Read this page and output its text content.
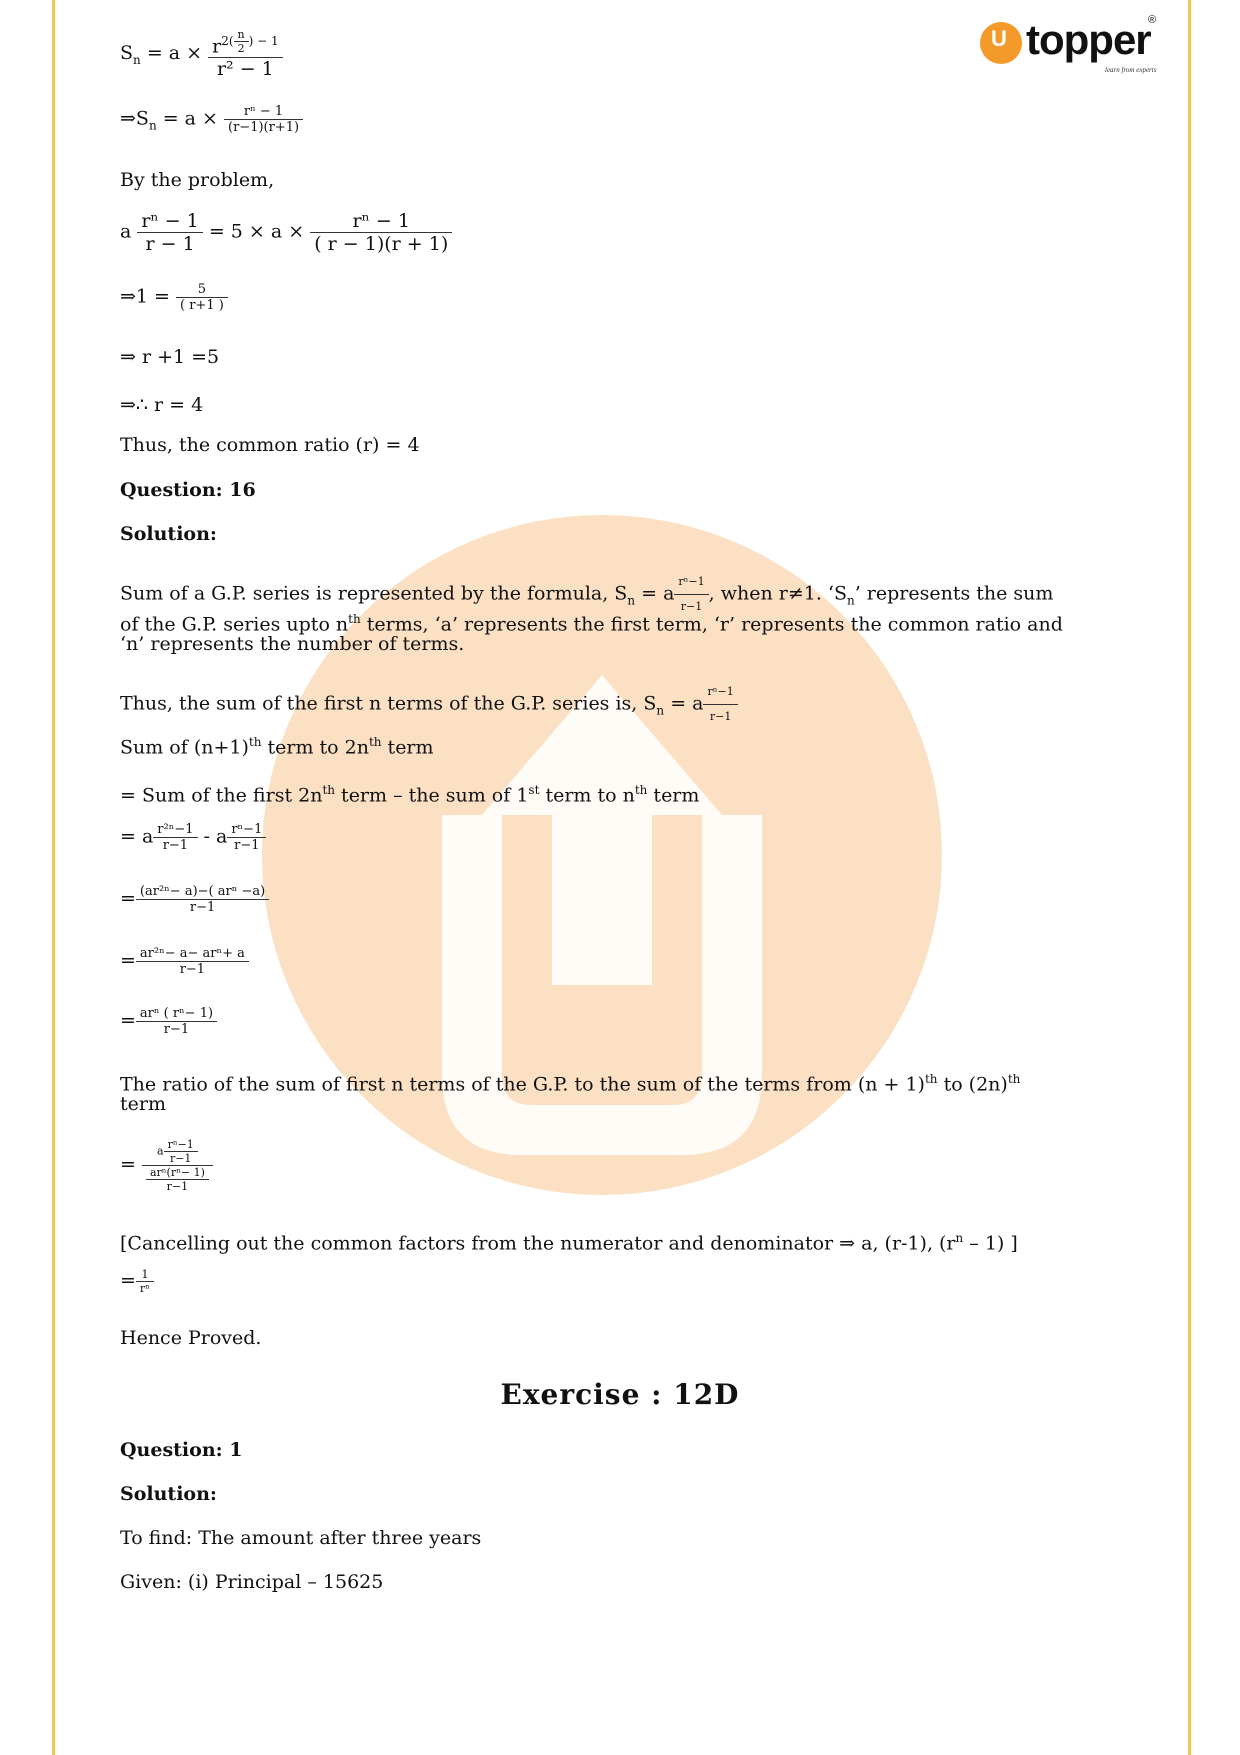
U topper
®
learn from experts
$S_n = a \times r^{2( \frac{n}{2} ) - 1}$
r² − 1
$\Rightarrow S_n = a \times \frac{\text{rⁿ − 1}}{(r-1)(r+1)}$
By the problem,
a $\frac{\text{rⁿ − 1}}{r - 1} = 5 \times a \times \frac{\text{rⁿ − 1}}{( r - 1)(r + 1)}$
⇒1 = $\frac{5}{( r+1 )}$
⇒ r +1 =5
⇒∴ r = 4
Thus, the common ratio (r) = 4
Question: 16
Solution:
Sum of a G.P. series is represented by the formula, $S_n = a \frac{\text{rⁿ−1}}{r-1}$ , when r≠1. ‘$S_n$’ represents the sum
of the G.P. series upto $n^{th}$ terms, ‘a’ represents the first term, ‘r’ represents the common ratio and
‘n’ represents the number of terms.
Thus, the sum of the first n terms of the G.P. series is, $S_n = a \frac{\text{rⁿ−1}}{r-1}$
Sum of $(n+1)^{th}$ term to $2n^{th}$ term
= Sum of the first $2n^{th}$ term – the sum of 1st term to $n^{th}$ term
= a $\frac{\text{r²ⁿ−1}}{r-1}$ - a $\frac{\text{rⁿ−1}}{r-1}$
= $\frac{\text{(ar²ⁿ− a)−( arⁿ −a)}}{r-1}$
= $\frac{\text{ar²ⁿ− a− arⁿ+ a}}{r-1}$
= $\frac{\text{arⁿ ( rⁿ− 1)}}{r-1}$
The ratio of the sum of first n terms of the G.P. to the sum of the terms from $(n + 1)^{th}$ to $(2n)^{th}$
term
= $\frac{a \frac{\text{rⁿ−1}}{r-1}}{\frac{\text{arⁿ(rⁿ− 1)}}{r-1}}$
[Cancelling out the common factors from the numerator and denominator ⇒ a, (r-1), $(r^n - 1)$ ]
= $\frac{1}{\text{rⁿ}}$
Hence Proved.
Exercise : 12D
Question: 1
Solution:
To find: The amount after three years
Given: (i) Principal – 15625
